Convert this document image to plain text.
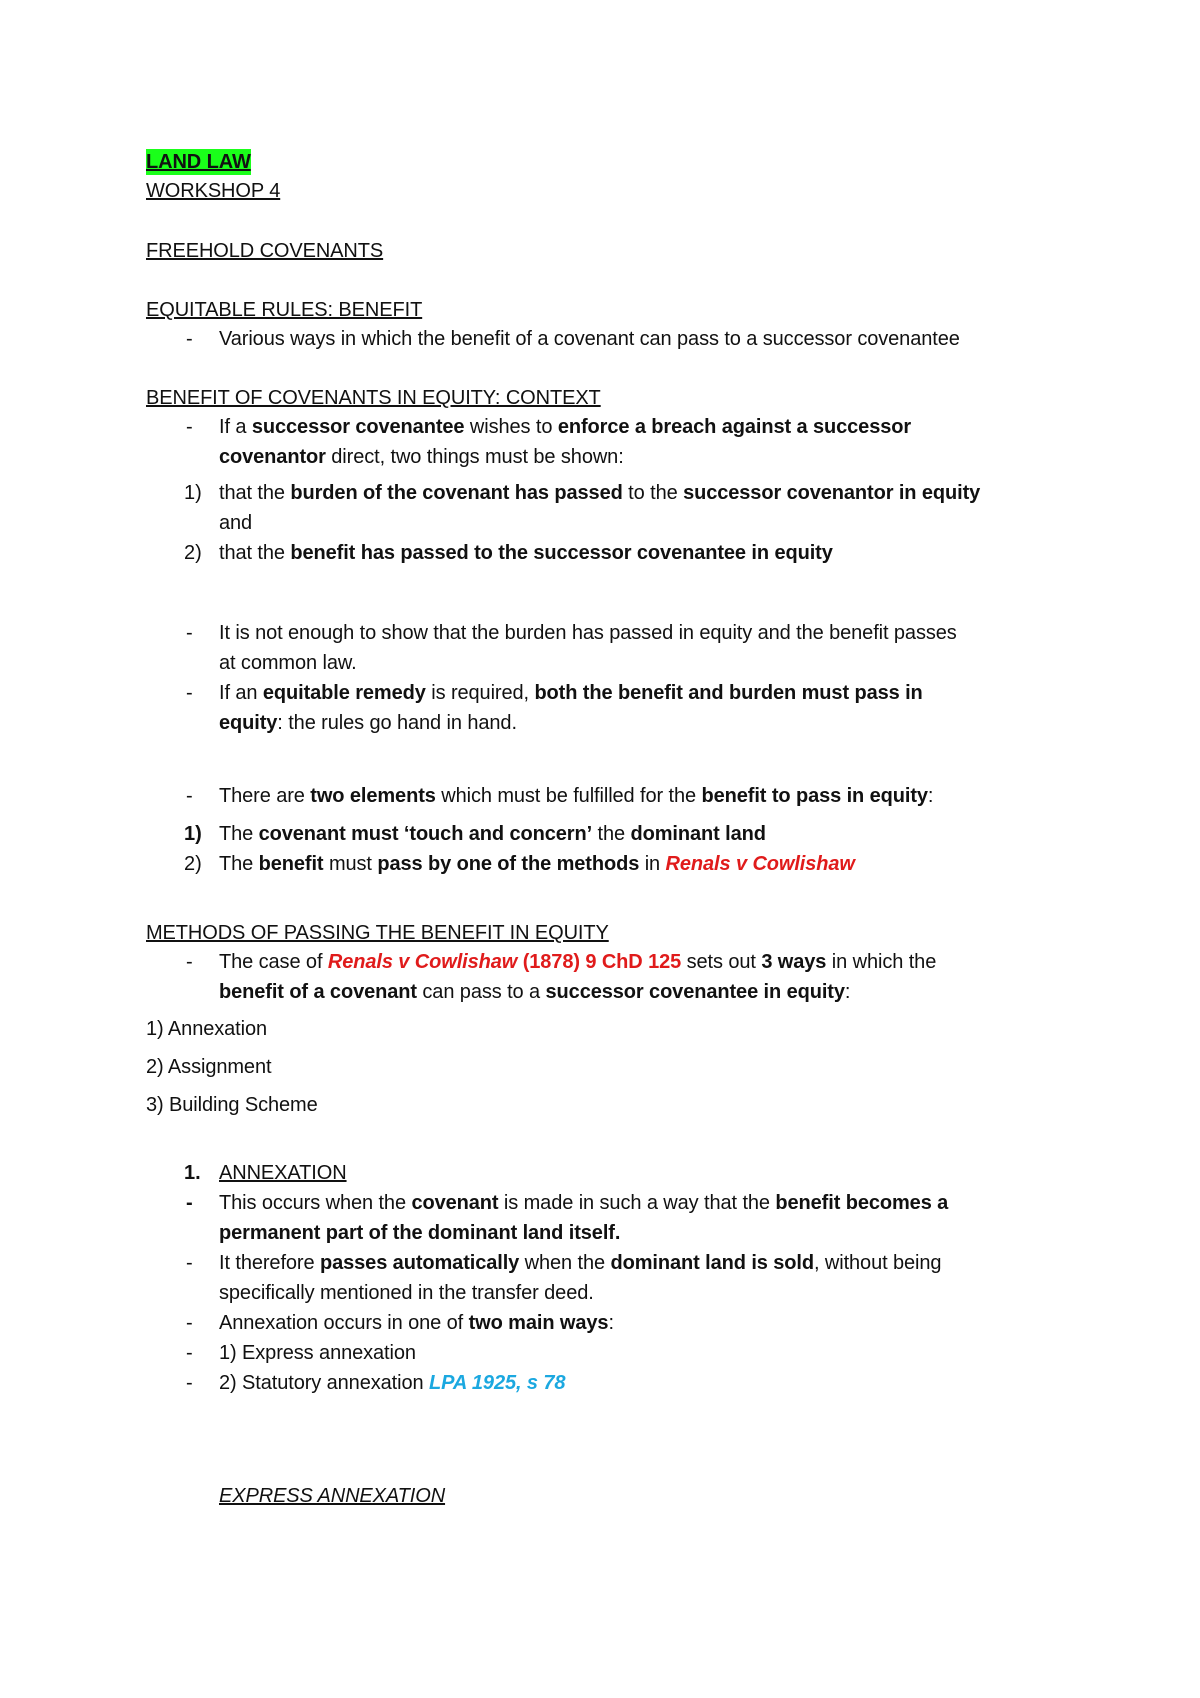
LAND LAW
WORKSHOP 4
FREEHOLD COVENANTS
EQUITABLE RULES: BENEFIT
- Various ways in which the benefit of a covenant can pass to a successor covenantee
BENEFIT OF COVENANTS IN EQUITY: CONTEXT
- If a successor covenantee wishes to enforce a breach against a successor
covenantor direct, two things must be shown:
1) that the burden of the covenant has passed to the successor covenantor in equity
and
2) that the benefit has passed to the successor covenantee in equity
- It is not enough to show that the burden has passed in equity and the benefit passes
at common law.
- If an equitable remedy is required, both the benefit and burden must pass in
equity: the rules go hand in hand.
- There are two elements which must be fulfilled for the benefit to pass in equity:
1) The covenant must ‘touch and concern’ the dominant land
2) The benefit must pass by one of the methods in Renals v Cowlishaw
METHODS OF PASSING THE BENEFIT IN EQUITY
- The case of Renals v Cowlishaw (1878) 9 ChD 125 sets out 3 ways in which the
benefit of a covenant can pass to a successor covenantee in equity:
1) Annexation
2) Assignment
3) Building Scheme
1. ANNEXATION
- This occurs when the covenant is made in such a way that the benefit becomes a
permanent part of the dominant land itself.
- It therefore passes automatically when the dominant land is sold, without being
specifically mentioned in the transfer deed.
- Annexation occurs in one of two main ways:
- 1) Express annexation
- 2) Statutory annexation LPA 1925, s 78
EXPRESS ANNEXATION
